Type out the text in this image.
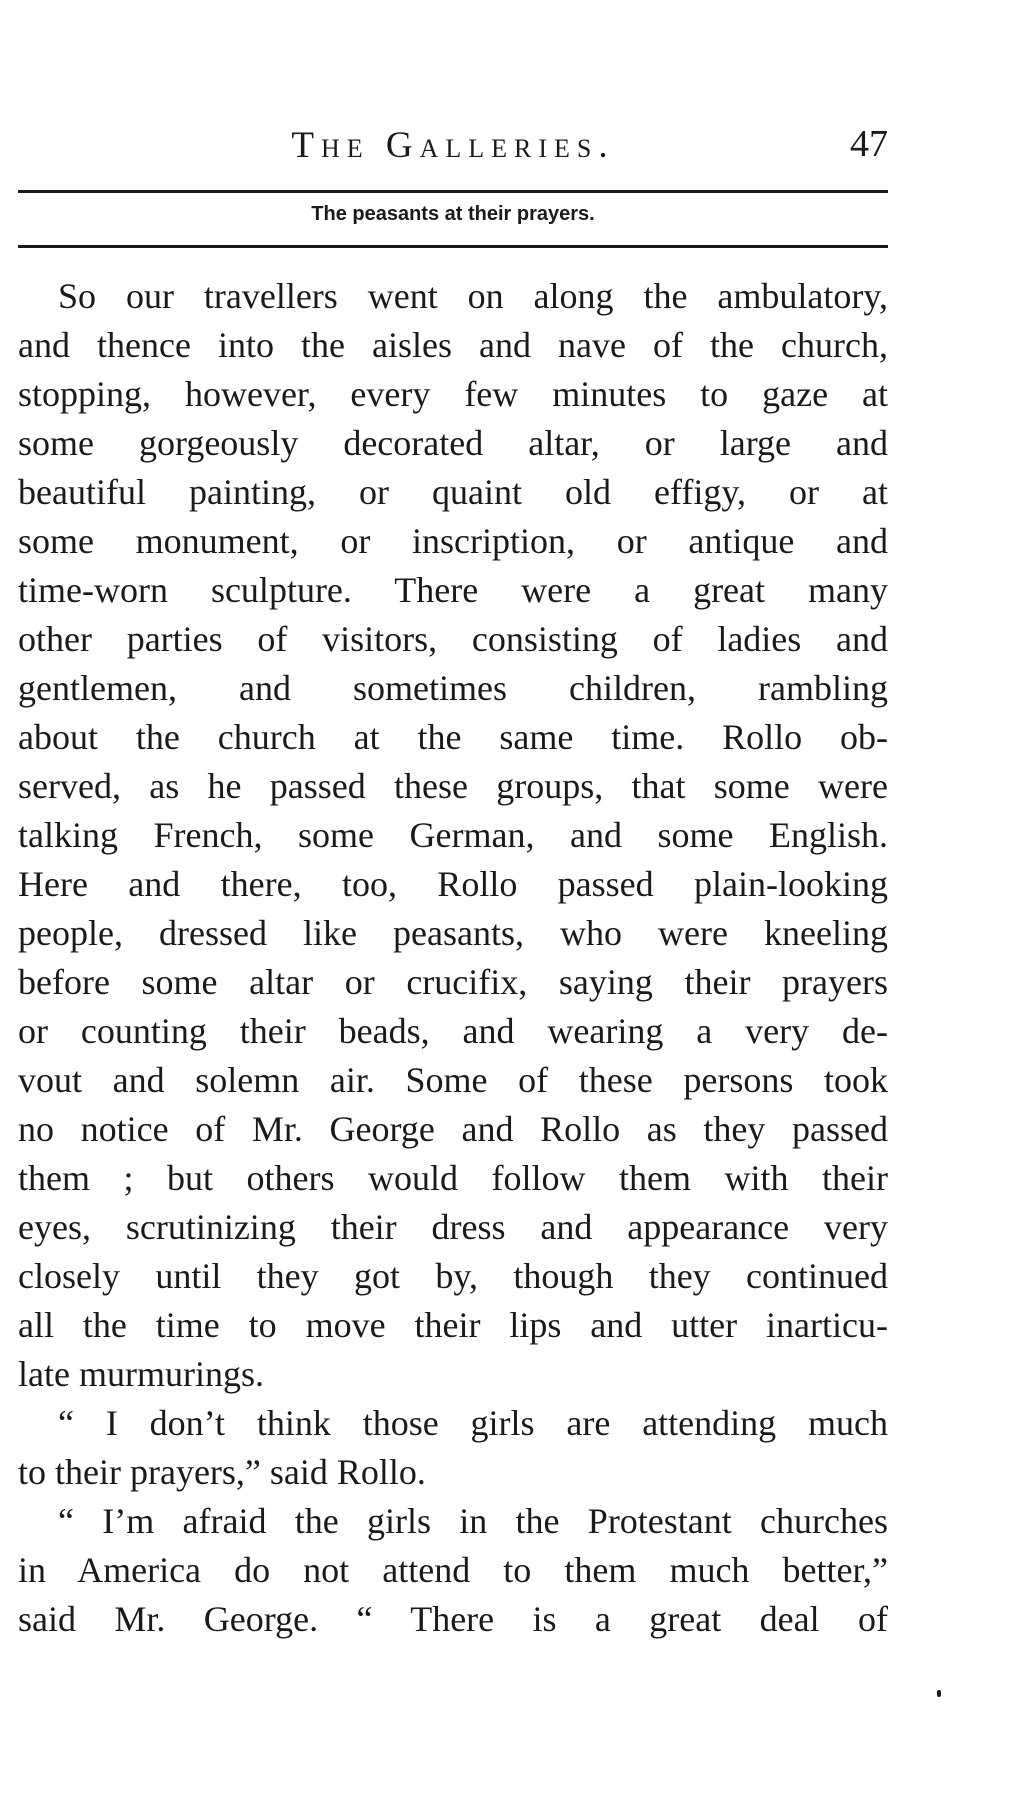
The Galleries.	47
The peasants at their prayers.

So our travellers went on along the ambulatory,
and thence into the aisles and nave of the church,
stopping, however, every few minutes to gaze at
some gorgeously decorated altar, or large and
beautiful painting, or quaint old effigy, or at
some monument, or inscription, or antique and
time-worn sculpture. There were a great many
other parties of visitors, consisting of ladies and
gentlemen, and sometimes children, rambling
about the church at the same time. Rollo ob-
served, as he passed these groups, that some were
talking French, some German, and some English.
Here and there, too, Rollo passed plain-looking
people, dressed like peasants, who were kneeling
before some altar or crucifix, saying their prayers
or counting their beads, and wearing a very de-
vout and solemn air. Some of these persons took
no notice of Mr. George and Rollo as they passed
them ; but others would follow them with their
eyes, scrutinizing their dress and appearance very
closely until they got by, though they continued
all the time to move their lips and utter inarticu-
late murmurings.

“ I don’t think those girls are attending much
to their prayers,” said Rollo.

“ I’m afraid the girls in the Protestant churches
in America do not attend to them much better,”
said Mr. George. “ There is a great deal of
